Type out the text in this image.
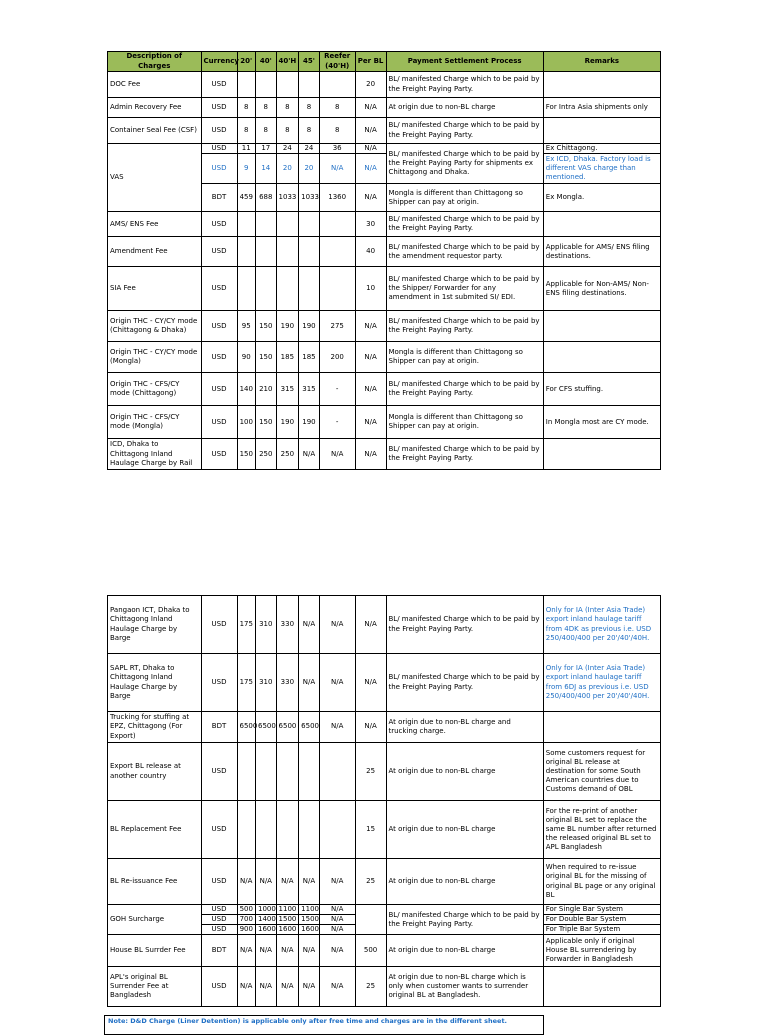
Description of Charges	Currency	20'	40'	40'H	45'	Reefer (40'H)	Per BL	Payment Settlement Process	Remarks
DOC Fee	USD						20	BL/ manifested Charge which to be paid by the Freight Paying Party.	
Admin Recovery Fee	USD	8	8	8	8	8	N/A	At origin due to non-BL charge	For Intra Asia shipments only
Container Seal Fee (CSF)	USD	8	8	8	8	8	N/A	BL/ manifested Charge which to be paid by the Freight Paying Party.	
VAS	USD	11	17	24	24	36	N/A	BL/ manifested Charge which to be paid by the Freight Paying Party for shipments ex Chittagong and Dhaka.	Ex Chittagong.
	USD	9	14	20	20	N/A	N/A		Ex ICD, Dhaka. Factory load is different VAS charge than mentioned.
	BDT	459	688	1033	1033	1360	N/A	Mongla is different than Chittagong so Shipper can pay at origin.	Ex Mongla.
AMS/ ENS Fee	USD						30	BL/ manifested Charge which to be paid by the Freight Paying Party.	
Amendment Fee	USD						40	BL/ manifested Charge which to be paid by the amendment requestor party.	Applicable for AMS/ ENS filing destinations.
SIA Fee	USD						10	BL/ manifested Charge which to be paid by the Shipper/ Forwarder for any amendment in 1st submited SI/ EDI.	Applicable for Non-AMS/ Non-ENS filing destinations.
Origin THC - CY/CY mode (Chittagong & Dhaka)	USD	95	150	190	190	275	N/A	BL/ manifested Charge which to be paid by the Freight Paying Party.	
Origin THC - CY/CY mode (Mongla)	USD	90	150	185	185	200	N/A	Mongla is different than Chittagong so Shipper can pay at origin.	
Origin THC - CFS/CY mode (Chittagong)	USD	140	210	315	315	-	N/A	BL/ manifested Charge which to be paid by the Freight Paying Party.	For CFS stuffing.
Origin THC - CFS/CY mode (Mongla)	USD	100	150	190	190	-	N/A	Mongla is different than Chittagong so Shipper can pay at origin.	In Mongla most are CY mode.
ICD, Dhaka to Chittagong Inland Haulage Charge by Rail	USD	150	250	250	N/A	N/A	N/A	BL/ manifested Charge which to be paid by the Freight Paying Party.	
Pangaon ICT, Dhaka to Chittagong Inland Haulage Charge by Barge	USD	175	310	330	N/A	N/A	N/A	BL/ manifested Charge which to be paid by the Freight Paying Party.	Only for IA (Inter Asia Trade) export inland haulage tariff from 4DK as previous i.e. USD 250/400/400 per 20'/40'/40H.
SAPL RT, Dhaka to Chittagong Inland Haulage Charge by Barge	USD	175	310	330	N/A	N/A	N/A	BL/ manifested Charge which to be paid by the Freight Paying Party.	Only for IA (Inter Asia Trade) export inland haulage tariff from 6DJ as previous i.e. USD 250/400/400 per 20'/40'/40H.
Trucking for stuffing at EPZ, Chittagong (For Export)	BDT	6500	6500	6500	6500	N/A	N/A	At origin due to non-BL charge and trucking charge.	
Export BL release at another country	USD						25	At origin due to non-BL charge	Some customers request for original BL release at destination for some South American countries due to Customs demand of OBL
BL Replacement Fee	USD						15	At origin due to non-BL charge	For the re-print of another original BL set to replace the same BL number after returned the released original BL set to APL Bangladesh
BL Re-issuance Fee	USD	N/A	N/A	N/A	N/A	N/A	25	At origin due to non-BL charge	When required to re-issue original BL for the missing of original BL page or any original BL
GOH Surcharge	USD	500	1000	1100	1100	N/A		BL/ manifested Charge which to be paid by the Freight Paying Party.	For Single Bar System
	USD	700	1400	1500	1500	N/A			For Double Bar System
	USD	900	1600	1600	1600	N/A			For Triple Bar System
House BL Surrder Fee	BDT	N/A	N/A	N/A	N/A	N/A	500	At origin due to non-BL charge	Applicable only if original House BL surrendering by Forwarder in Bangladesh
APL's original BL Surrender Fee at Bangladesh	USD	N/A	N/A	N/A	N/A	N/A	25	At origin due to non-BL charge which is only when customer wants to surrender original BL at Bangladesh.	
Note: D&D Charge (Liner Detention) is applicable only after free time and charges are in the different sheet.
